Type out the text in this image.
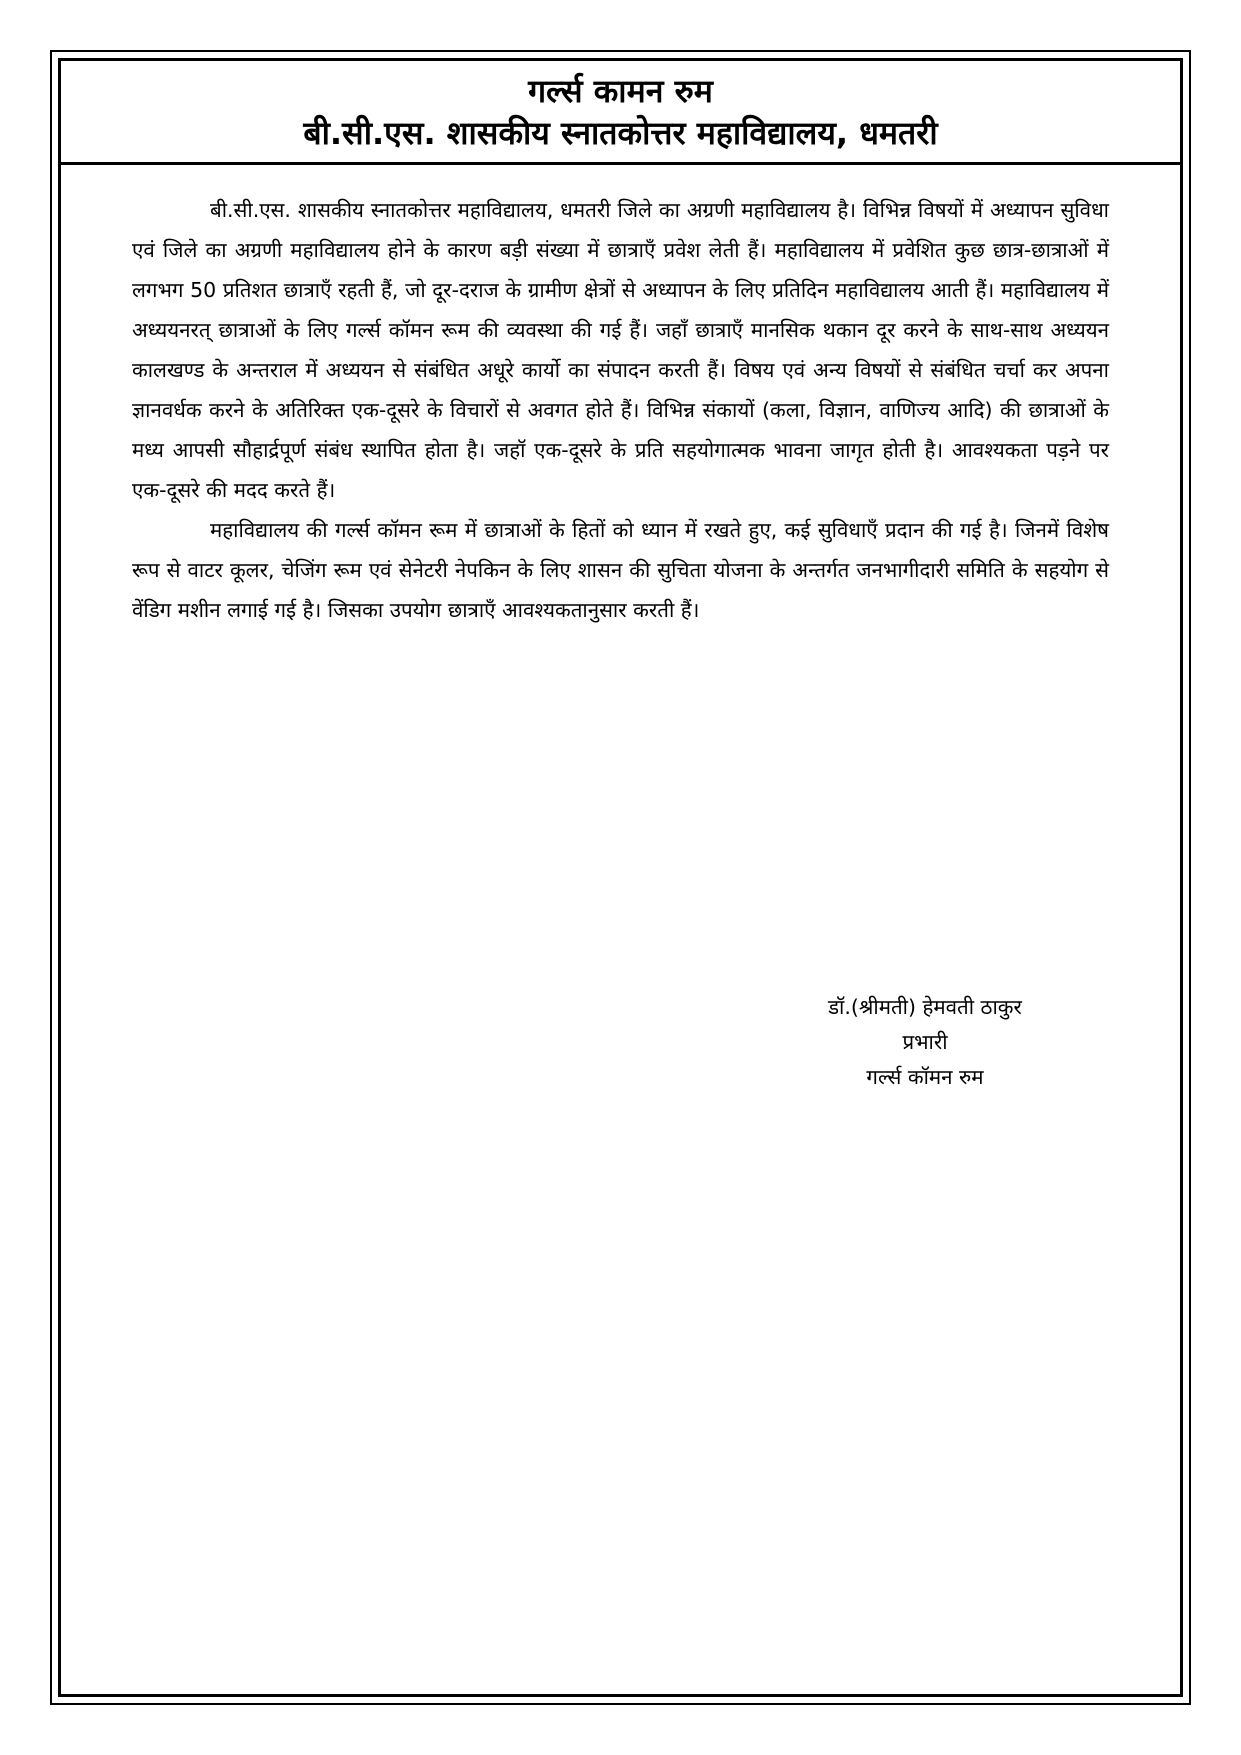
गर्ल्स कामन रुम
बी.सी.एस. शासकीय स्नातकोत्तर महाविद्यालय, धमतरी

बी.सी.एस. शासकीय स्नातकोत्तर महाविद्यालय, धमतरी जिले का अग्रणी महाविद्यालय है। विभिन्न विषयों में अध्यापन सुविधा एवं जिले का अग्रणी महाविद्यालय होने के कारण बड़ी संख्या में छात्राएँ प्रवेश लेती हैं। महाविद्यालय में प्रवेशित कुछ छात्र-छात्राओं में लगभग 50 प्रतिशत छात्राएँ रहती हैं, जो दूर-दराज के ग्रामीण क्षेत्रों से अध्यापन के लिए प्रतिदिन महाविद्यालय आती हैं। महाविद्यालय में अध्ययनरत् छात्राओं के लिए गर्ल्स कॉमन रूम की व्यवस्था की गई हैं। जहाँ छात्राएँ मानसिक थकान दूर करने के साथ-साथ अध्ययन कालखण्ड के अन्तराल में अध्ययन से संबंधित अधूरे कार्यो का संपादन करती हैं। विषय एवं अन्य विषयों से संबंधित चर्चा कर अपना ज्ञानवर्धक करने के अतिरिक्त एक-दूसरे के विचारों से अवगत होते हैं। विभिन्न संकायों (कला, विज्ञान, वाणिज्य आदि) की छात्राओं के मध्य आपसी सौहार्द्रपूर्ण संबंध स्थापित होता है। जहॉ एक-दूसरे के प्रति सहयोगात्मक भावना जागृत होती है। आवश्यकता पड़ने पर एक-दूसरे की मदद करते हैं।

महाविद्यालय की गर्ल्स कॉमन रूम में छात्राओं के हितों को ध्यान में रखते हुए, कई सुविधाएँ प्रदान की गई है। जिनमें विशेष रूप से वाटर कूलर, चेजिंग रूम एवं सेनेटरी नेपकिन के लिए शासन की सुचिता योजना के अन्तर्गत जनभागीदारी समिति के सहयोग से वेंडिग मशीन लगाई गई है। जिसका उपयोग छात्राएँ आवश्यकतानुसार करती हैं।

डॉ.(श्रीमती) हेमवती ठाकुर
प्रभारी
गर्ल्स कॉमन रुम
